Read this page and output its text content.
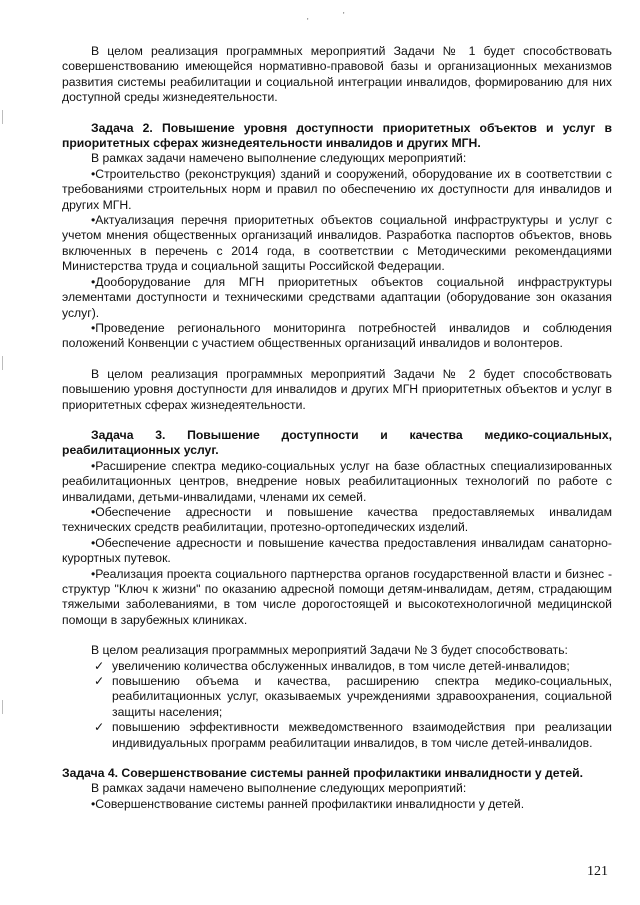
В целом реализация программных мероприятий Задачи № 1 будет способствовать совершенствованию имеющейся нормативно-правовой базы и организационных механизмов развития системы реабилитации и социальной интеграции инвалидов, формированию для них доступной среды жизнедеятельности.

Задача 2. Повышение уровня доступности приоритетных объектов и услуг в приоритетных сферах жизнедеятельности инвалидов и других МГН.

В рамках задачи намечено выполнение следующих мероприятий:

•Строительство (реконструкция) зданий и сооружений, оборудование их в соответствии с требованиями строительных норм и правил по обеспечению их доступности для инвалидов и других МГН.

•Актуализация перечня приоритетных объектов социальной инфраструктуры и услуг с учетом мнения общественных организаций инвалидов. Разработка паспортов объектов, вновь включенных в перечень с 2014 года, в соответствии с Методическими рекомендациями Министерства труда и социальной защиты Российской Федерации.

•Дооборудование для МГН приоритетных объектов социальной инфраструктуры элементами доступности и техническими средствами адаптации (оборудование зон оказания услуг).

•Проведение регионального мониторинга потребностей инвалидов и соблюдения положений Конвенции с участием общественных организаций инвалидов и волонтеров.

В целом реализация программных мероприятий Задачи № 2 будет способствовать повышению уровня доступности для инвалидов и других МГН приоритетных объектов и услуг в приоритетных сферах жизнедеятельности.

Задача 3. Повышение доступности и качества медико-социальных, реабилитационных услуг.

•Расширение спектра медико-социальных услуг на базе областных специализированных реабилитационных центров, внедрение новых реабилитационных технологий по работе с инвалидами, детьми-инвалидами, членами их семей.

•Обеспечение адресности и повышение качества предоставляемых инвалидам технических средств реабилитации, протезно-ортопедических изделий.

•Обеспечение адресности и повышение качества предоставления инвалидам санаторно-курортных путевок.

•Реализация проекта социального партнерства органов государственной власти и бизнес - структур "Ключ к жизни" по оказанию адресной помощи детям-инвалидам, детям, страдающим тяжелыми заболеваниями, в том числе дорогостоящей и высокотехнологичной медицинской помощи в зарубежных клиниках.

В целом реализация программных мероприятий Задачи № 3 будет способствовать:

✓ увеличению количества обслуженных инвалидов, в том числе детей-инвалидов;
✓ повышению объема и качества, расширению спектра медико-социальных, реабилитационных услуг, оказываемых учреждениями здравоохранения, социальной защиты населения;
✓ повышению эффективности межведомственного взаимодействия при реализации индивидуальных программ реабилитации инвалидов, в том числе детей-инвалидов.

Задача 4. Совершенствование системы ранней профилактики инвалидности у детей.

В рамках задачи намечено выполнение следующих мероприятий:

•Совершенствование системы ранней профилактики инвалидности у детей.

'
'
121
